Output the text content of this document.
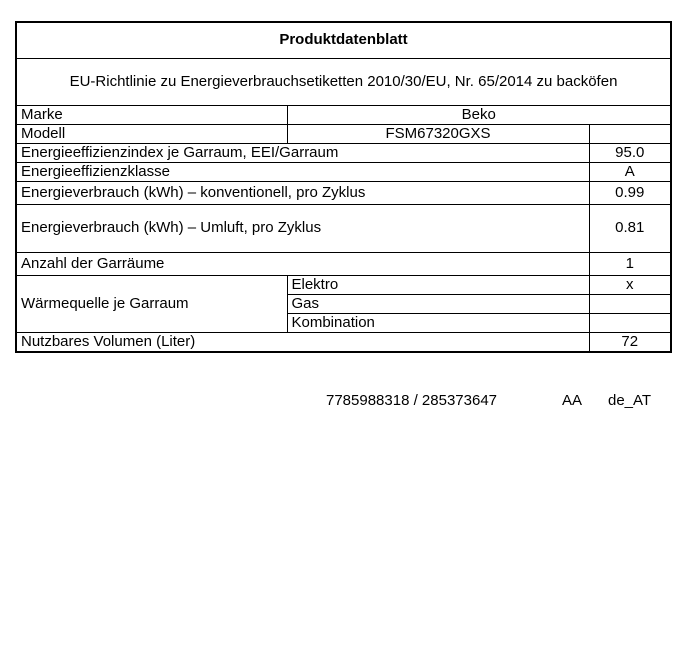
Produktdatenblatt		
EU-Richtlinie zu Energieverbrauchsetiketten 2010/30/EU, Nr. 65/2014 zu backöfen		
Marke	Beko	
Modell	FSM67320GXS	
Energieeffizienzindex je Garraum, EEI/Garraum		95.0
Energieeffizienzklasse		A
Energieverbrauch (kWh) – konventionell, pro Zyklus		0.99
Energieverbrauch (kWh) – Umluft, pro Zyklus		0.81
Anzahl der Garräume		1
Wärmequelle je Garraum	Elektro	x
	Gas	
	Kombination	
Nutzbares Volumen (Liter)		72
7785988318 / 285373647	AA de_AT
